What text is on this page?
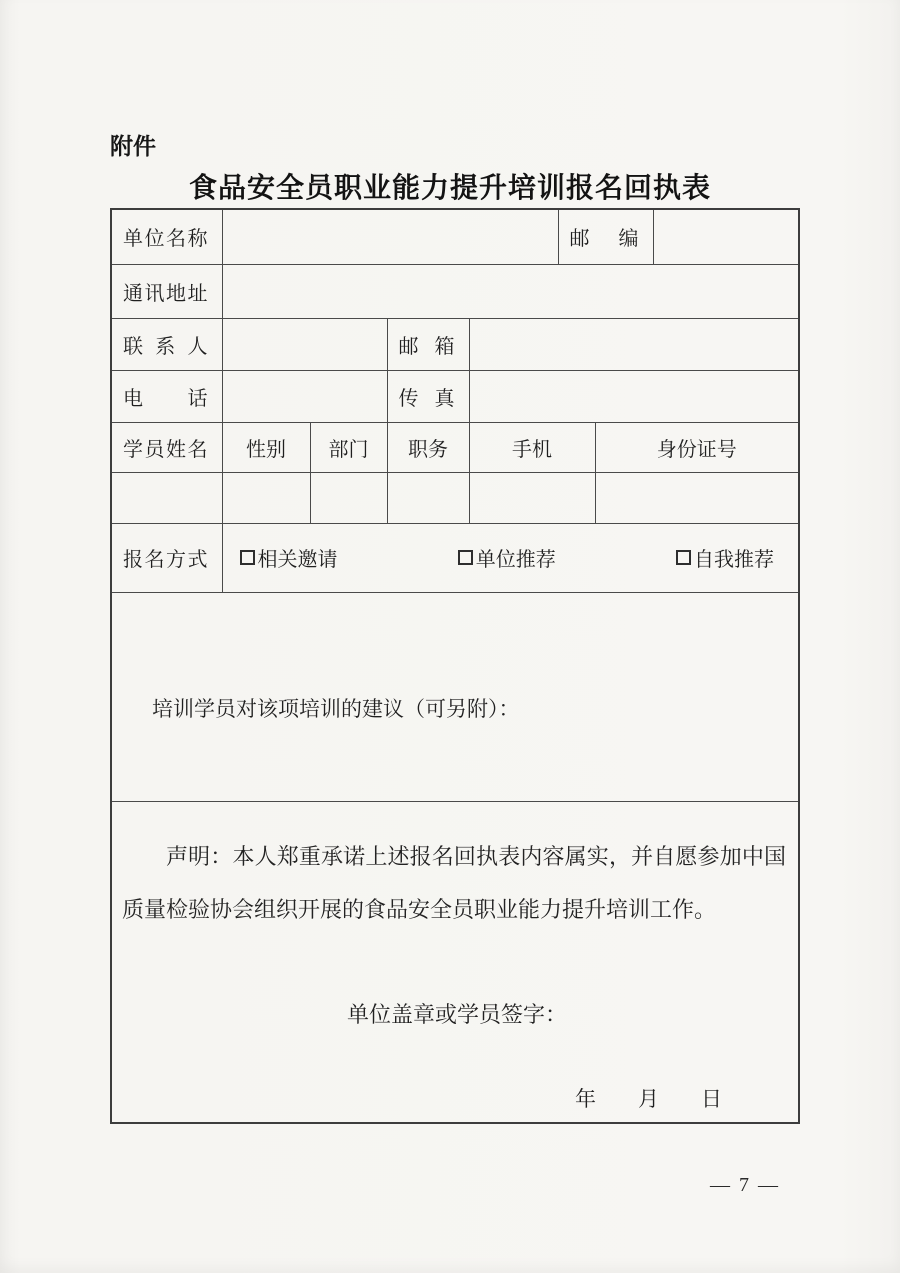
附件
食品安全员职业能力提升培训报名回执表
单位名称					邮 编		
通讯地址							
联 系 人			邮 箱				
电 话			传 真				
学员姓名	性别	部门	职务	手机		身份证号	

报名方式	相关邀请 单位推荐 自我推荐						

培训学员对该项培训的建议（可另附）：							

声明：本人郑重承诺上述报名回执表内容属实，并自愿参加中国质量检验协会组织开展的食品安全员职业能力提升培训工作。
单位盖章或学员签字：
年　　月　　日							
— 7 —
